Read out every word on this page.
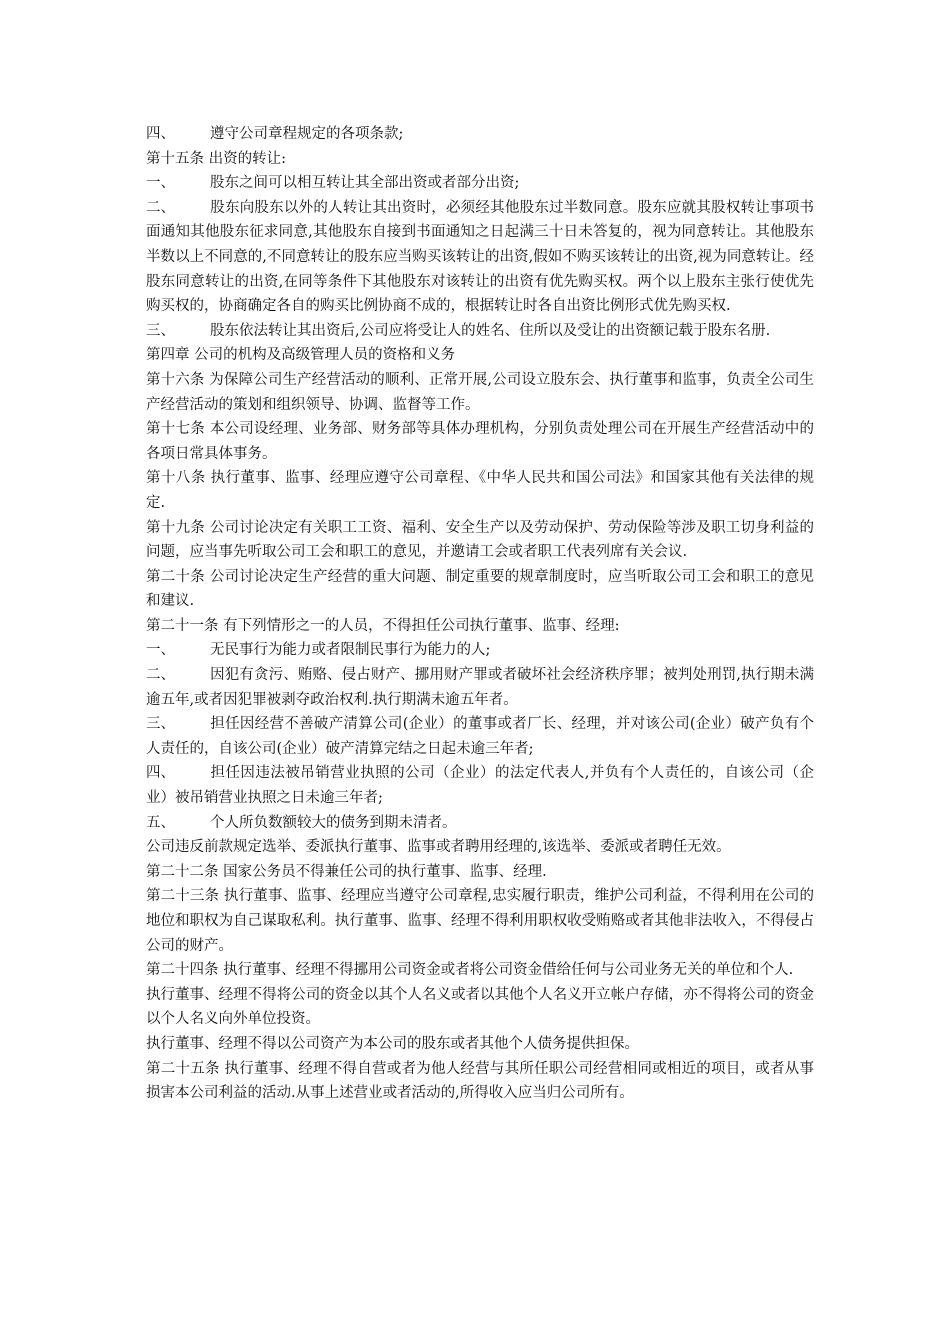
四、	遵守公司章程规定的各项条款;

第十五条 出资的转让:

一、	股东之间可以相互转让其全部出资或者部分出资;

二、 股东向股东以外的人转让其出资时，必须经其他股东过半数同意。股东应就其股权转让事项书面通知其他股东征求同意,其他股东自接到书面通知之日起满三十日未答复的，视为同意转让。其他股东半数以上不同意的,不同意转让的股东应当购买该转让的出资,假如不购买该转让的出资,视为同意转让。经股东同意转让的出资,在同等条件下其他股东对该转让的出资有优先购买权。两个以上股东主张行使优先购买权的，协商确定各自的购买比例协商不成的，根据转让时各自出资比例形式优先购买权.

三、 股东依法转让其出资后,公司应将受让人的姓名、住所以及受让的出资额记载于股东名册.

第四章 公司的机构及高级管理人员的资格和义务

第十六条 为保障公司生产经营活动的顺利、正常开展,公司设立股东会、执行董事和监事，负责全公司生产经营活动的策划和组织领导、协调、监督等工作。

第十七条 本公司设经理、业务部、财务部等具体办理机构，分别负责处理公司在开展生产经营活动中的各项日常具体事务。

第十八条 执行董事、监事、经理应遵守公司章程、《中华人民共和国公司法》和国家其他有关法律的规定.

第十九条 公司讨论决定有关职工工资、福利、安全生产以及劳动保护、劳动保险等涉及职工切身利益的问题，应当事先听取公司工会和职工的意见，并邀请工会或者职工代表列席有关会议.

第二十条 公司讨论决定生产经营的重大问题、制定重要的规章制度时，应当听取公司工会和职工的意见和建议.

第二十一条 有下列情形之一的人员，不得担任公司执行董事、监事、经理:

一、	无民事行为能力或者限制民事行为能力的人;

二、 因犯有贪污、贿赂、侵占财产、挪用财产罪或者破坏社会经济秩序罪；被判处刑罚,执行期未满逾五年,或者因犯罪被剥夺政治权利.执行期满未逾五年者。

三、 担任因经营不善破产清算公司(企业）的董事或者厂长、经理，并对该公司(企业）破产负有个人责任的，自该公司(企业）破产清算完结之日起未逾三年者;

四、 担任因违法被吊销营业执照的公司（企业）的法定代表人,并负有个人责任的，自该公司（企业）被吊销营业执照之日未逾三年者;

五、	个人所负数额较大的债务到期未清者。

公司违反前款规定选举、委派执行董事、监事或者聘用经理的,该选举、委派或者聘任无效。

第二十二条 国家公务员不得兼任公司的执行董事、监事、经理.

第二十三条 执行董事、监事、经理应当遵守公司章程,忠实履行职责，维护公司利益，不得利用在公司的地位和职权为自己谋取私利。执行董事、监事、经理不得利用职权收受贿赂或者其他非法收入，不得侵占公司的财产。

第二十四条 执行董事、经理不得挪用公司资金或者将公司资金借给任何与公司业务无关的单位和个人.

执行董事、经理不得将公司的资金以其个人名义或者以其他个人名义开立帐户存储，亦不得将公司的资金以个人名义向外单位投资。

执行董事、经理不得以公司资产为本公司的股东或者其他个人债务提供担保。

第二十五条 执行董事、经理不得自营或者为他人经营与其所任职公司经营相同或相近的项目，或者从事损害本公司利益的活动.从事上述营业或者活动的,所得收入应当归公司所有。
